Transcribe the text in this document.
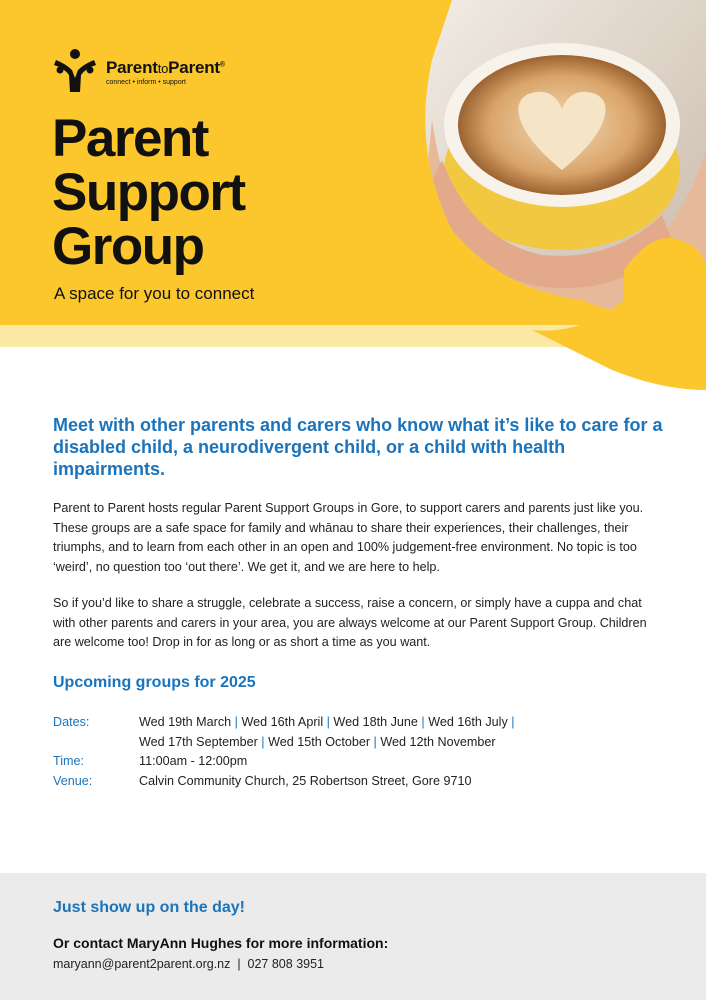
ParenttoParent®
connect • inform • support
Parent
Support
Group
A space for you to connect

Meet with other parents and carers who know what it’s like to care for a disabled child, a neurodivergent child, or a child with health impairments.

Parent to Parent hosts regular Parent Support Groups in Gore, to support carers and parents just like you. These groups are a safe space for family and whānau to share their experiences, their challenges, their triumphs, and to learn from each other in an open and 100% judgement-free environment. No topic is too ‘weird’, no question too ‘out there’. We get it, and we are here to help.

So if you’d like to share a struggle, celebrate a success, raise a concern, or simply have a cuppa and chat with other parents and carers in your area, you are always welcome at our Parent Support Group. Children are welcome too! Drop in for as long or as short a time as you want.

Upcoming groups for 2025
Dates:	Wed 19th March | Wed 16th April | Wed 18th June | Wed 16th July |
Wed 17th September | Wed 15th October | Wed 12th November
Time:	11:00am - 12:00pm
Venue:	Calvin Community Church, 25 Robertson Street, Gore 9710
Just show up on the day!
Or contact MaryAnn Hughes for more information:
maryann@parent2parent.org.nz | 027 808 3951
